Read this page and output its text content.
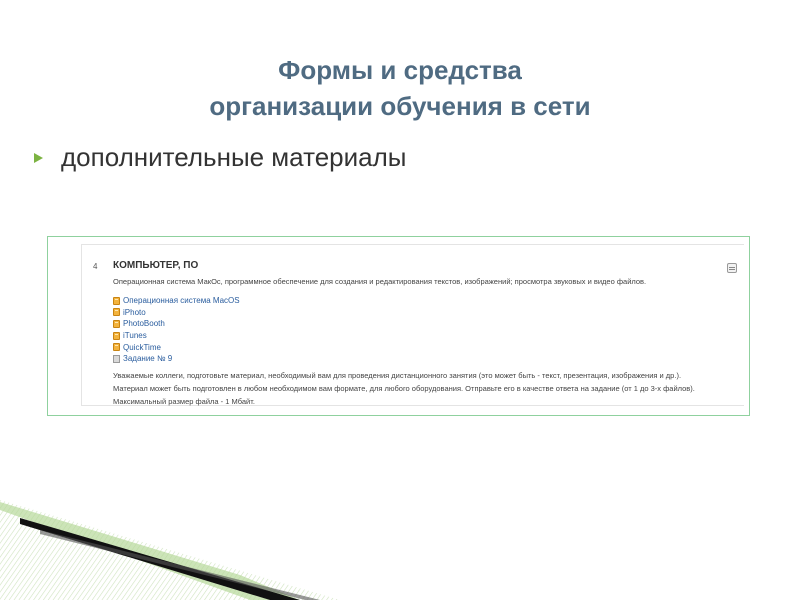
Формы и средства
организации обучения в сети
дополнительные материалы
4 КОМПЬЮТЕР, ПО
Операционная система МакОс, программное обеспечение для создания и редактирования текстов, изображений; просмотра звуковых и видео файлов.
Операционная система MacOS
iPhoto
PhotoBooth
iTunes
QuickTime
Задание № 9
Уважаемые коллеги, подготовьте материал, необходимый вам для проведения дистанционного занятия (это может быть - текст, презентация, изображения и др.). Материал может быть подготовлен в любом необходимом вам формате, для любого оборудования. Отправьте его в качестве ответа на задание (от 1 до 3-х файлов). Максимальный размер файла - 1 Мбайт.
